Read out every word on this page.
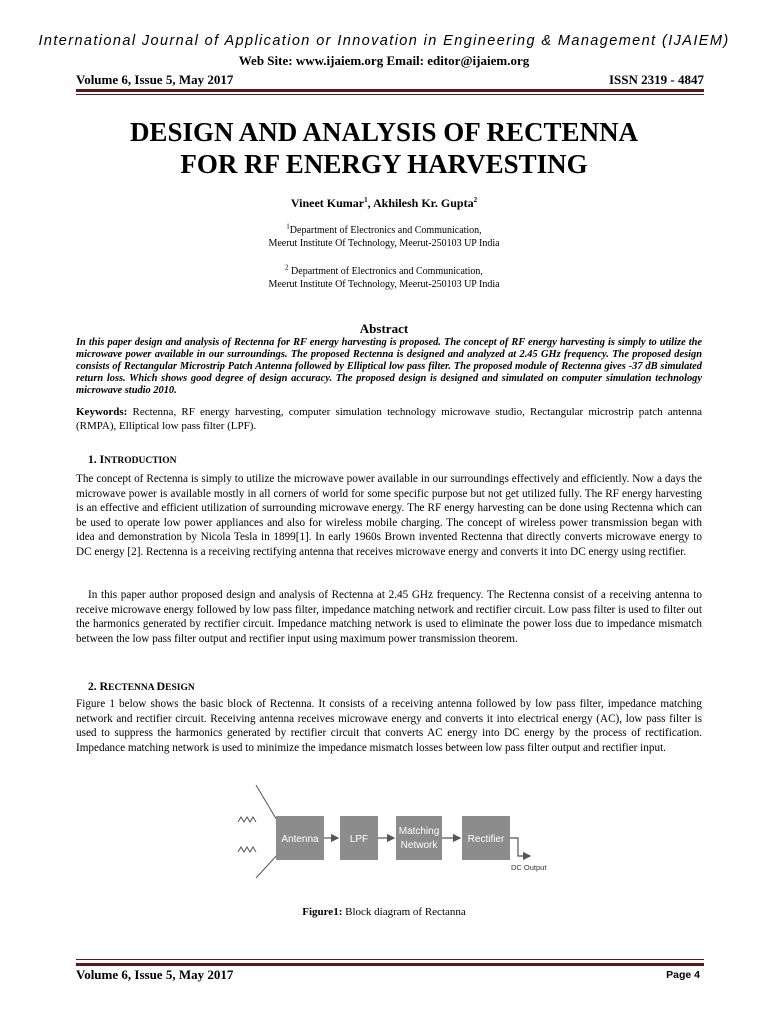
International Journal of Application or Innovation in Engineering & Management (IJAIEM)
Web Site: www.ijaiem.org Email: editor@ijaiem.org
Volume 6, Issue 5, May 2017	ISSN 2319 - 4847
DESIGN AND ANALYSIS OF RECTENNA
FOR RF ENERGY HARVESTING
Vineet Kumar$^1$, Akhilesh Kr. Gupta$^2$
$^1$Department of Electronics and Communication,
Meerut Institute Of Technology, Meerut-250103 UP India
$^2$ Department of Electronics and Communication,
Meerut Institute Of Technology, Meerut-250103 UP India
Abstract
In this paper design and analysis of Rectenna for RF energy harvesting is proposed. The concept of RF energy harvesting is simply to utilize the microwave power available in our surroundings. The proposed Rectenna is designed and analyzed at 2.45 GHz frequency. The proposed design consists of Rectangular Microstrip Patch Antenna followed by Elliptical low pass filter. The proposed module of Rectenna gives -37 dB simulated return loss. Which shows good degree of design accuracy. The proposed design is designed and simulated on computer simulation technology microwave studio 2010.
Keywords: Rectenna, RF energy harvesting, computer simulation technology microwave studio, Rectangular microstrip patch antenna (RMPA), Elliptical low pass filter (LPF).
1. INTRODUCTION
The concept of Rectenna is simply to utilize the microwave power available in our surroundings effectively and efficiently. Now a days the microwave power is available mostly in all corners of world for some specific purpose but not get utilized fully. The RF energy harvesting is an effective and efficient utilization of surrounding microwave energy. The RF energy harvesting can be done using Rectenna which can be used to operate low power appliances and also for wireless mobile charging. The concept of wireless power transmission began with idea and demonstration by Nicola Tesla in 1899[1]. In early 1960s Brown invented Rectenna that directly converts microwave energy to DC energy [2]. Rectenna is a receiving rectifying antenna that receives microwave energy and converts it into DC energy using rectifier.
In this paper author proposed design and analysis of Rectenna at 2.45 GHz frequency. The Rectenna consist of a receiving antenna to receive microwave energy followed by low pass filter, impedance matching network and rectifier circuit. Low pass filter is used to filter out the harmonics generated by rectifier circuit. Impedance matching network is used to eliminate the power loss due to impedance mismatch between the low pass filter output and rectifier input using maximum power transmission theorem.
2. RECTENNA DESIGN
Figure 1 below shows the basic block of Rectenna. It consists of a receiving antenna followed by low pass filter, impedance matching network and rectifier circuit. Receiving antenna receives microwave energy and converts it into electrical energy (AC), low pass filter is used to suppress the harmonics generated by rectifier circuit that converts AC energy into DC energy by the process of rectification. Impedance matching network is used to minimize the impedance mismatch losses between low pass filter output and rectifier input.
Antenna	LPF
Matching
Network
Rectifier
DC Output
Figure1: Block diagram of Rectanna
Volume 6, Issue 5, May 2017	Page 4
